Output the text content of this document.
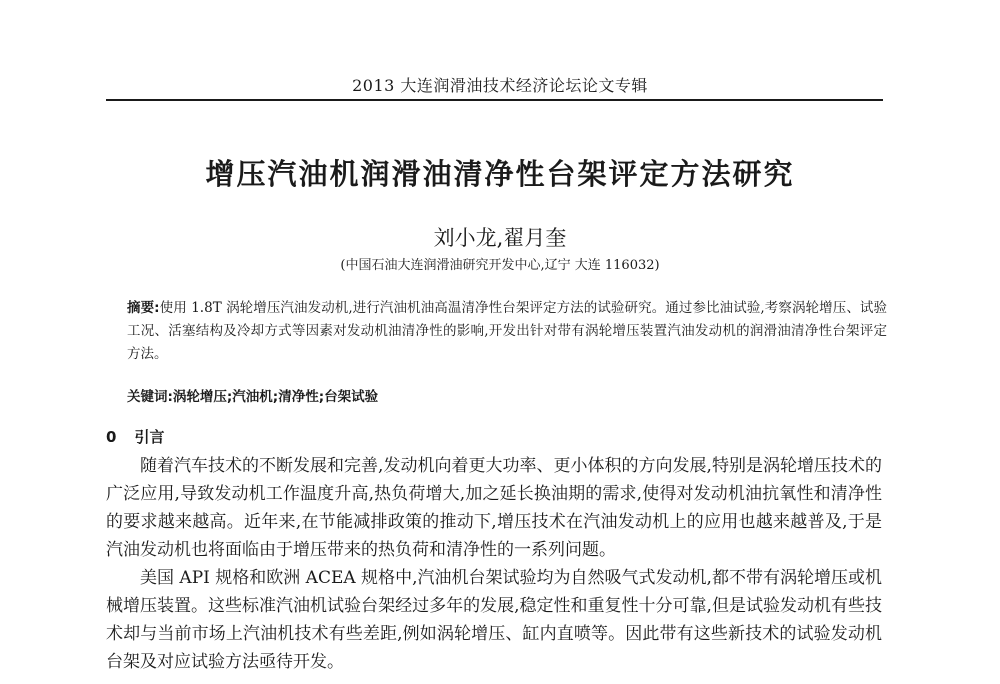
2013 大连润滑油技术经济论坛论文专辑
增压汽油机润滑油清净性台架评定方法研究
刘小龙,翟月奎
(中国石油大连润滑油研究开发中心,辽宁 大连 116032)
摘要:使用 1.8T 涡轮增压汽油发动机,进行汽油机油高温清净性台架评定方法的试验研究。通过参比油试验,考察涡轮增压、试验工况、活塞结构及冷却方式等因素对发动机油清净性的影响,开发出针对带有涡轮增压装置汽油发动机的润滑油清净性台架评定方法。
关键词:涡轮增压;汽油机;清净性;台架试验
0 引言

随着汽车技术的不断发展和完善,发动机向着更大功率、更小体积的方向发展,特别是涡轮增压技术的广泛应用,导致发动机工作温度升高,热负荷增大,加之延长换油期的需求,使得对发动机油抗氧性和清净性的要求越来越高。近年来,在节能减排政策的推动下,增压技术在汽油发动机上的应用也越来越普及,于是汽油发动机也将面临由于增压带来的热负荷和清净性的一系列问题。

美国 API 规格和欧洲 ACEA 规格中,汽油机台架试验均为自然吸气式发动机,都不带有涡轮增压或机械增压装置。这些标准汽油机试验台架经过多年的发展,稳定性和重复性十分可靠,但是试验发动机有些技术却与当前市场上汽油机技术有些差距,例如涡轮增压、缸内直喷等。因此带有这些新技术的试验发动机台架及对应试验方法亟待开发。
